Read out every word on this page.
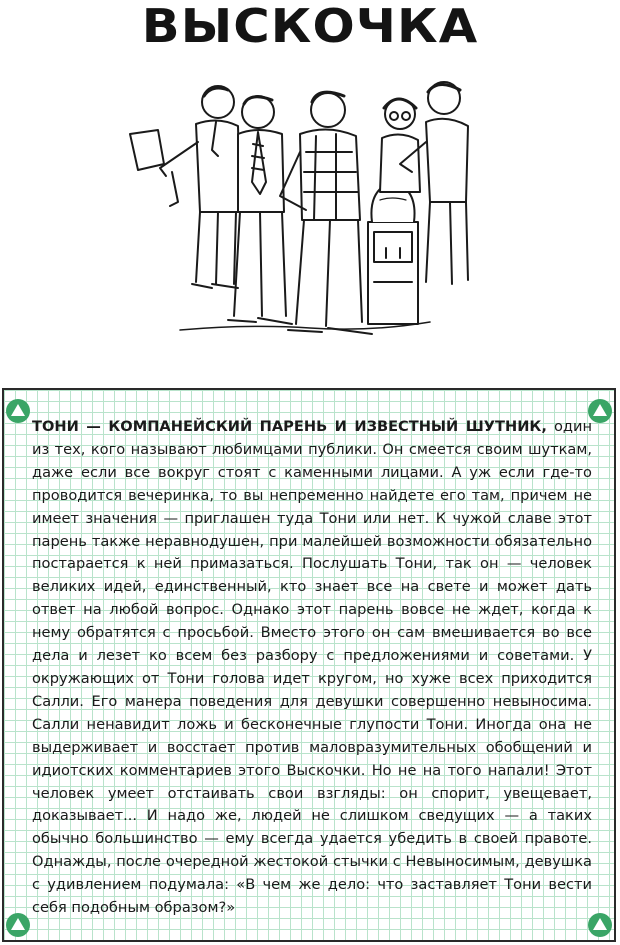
ВЫСКОЧКА
ТОНИ — КОМПАНЕЙСКИЙ ПАРЕНЬ И ИЗВЕСТНЫЙ ШУТНИК, один из тех, кого называют любимцами публики. Он смеется своим шуткам, даже если все вокруг стоят с каменными лицами. А уж если где-то проводится вечеринка, то вы непременно найдете его там, причем не имеет значения — приглашен туда Тони или нет. К чужой славе этот парень также неравнодушен, при малейшей возможности обязательно постарается к ней примазаться. Послушать Тони, так он — человек великих идей, единственный, кто знает все на свете и может дать ответ на любой вопрос. Однако этот парень вовсе не ждет, когда к нему обратятся с просьбой. Вместо этого он сам вмешивается во все дела и лезет ко всем без разбору с предложениями и советами. У окружающих от Тони голова идет кругом, но хуже всех приходится Салли. Его манера поведения для девушки совершенно невыносима. Салли ненавидит ложь и бесконечные глупости Тони. Иногда она не выдерживает и восстает против маловразумительных обобщений и идиотских комментариев этого Выскочки. Но не на того напали! Этот человек умеет отстаивать свои взгляды: он спорит, увещевает, доказывает... И надо же, людей не слишком сведущих — а таких обычно большинство — ему всегда удается убедить в своей правоте. Однажды, после очередной жестокой стычки с Невыносимым, девушка с удивлением подумала: «В чем же дело: что заставляет Тони вести себя подобным образом?»
